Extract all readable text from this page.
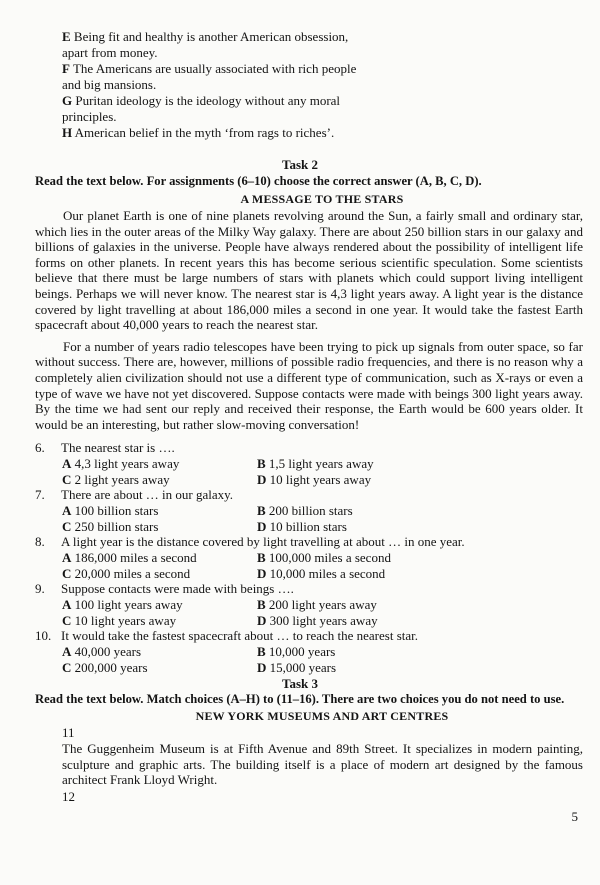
E Being fit and healthy is another American obsession, apart from money.
F The Americans are usually associated with rich people and big mansions.
G Puritan ideology is the ideology without any moral principles.
H American belief in the myth ‘from rags to riches’.
Task 2
Read the text below. For assignments (6–10) choose the correct answer (A, B, C, D).
A MESSAGE TO THE STARS

Our planet Earth is one of nine planets revolving around the Sun, a fairly small and ordinary star, which lies in the outer areas of the Milky Way galaxy. There are about 250 billion stars in our galaxy and billions of galaxies in the universe. People have always rendered about the possibility of intelligent life forms on other planets. In recent years this has become serious scientific speculation. Some scientists believe that there must be large numbers of stars with planets which could support living intelligent beings. Perhaps we will never know. The nearest star is 4,3 light years away. A light year is the distance covered by light travelling at about 186,000 miles a second in one year. It would take the fastest Earth spacecraft about 40,000 years to reach the nearest star.

For a number of years radio telescopes have been trying to pick up signals from outer space, so far without success. There are, however, millions of possible radio frequencies, and there is no reason why a completely alien civilization should not use a different type of communication, such as X-rays or even a type of wave we have not yet discovered. Suppose contacts were made with beings 300 light years away. By the time we had sent our reply and received their response, the Earth would be 600 years older. It would be an interesting, but rather slow-moving conversation!

6. The nearest star is ….
A 4,3 light years away	B 1,5 light years away
C 2 light years away	D 10 light years away
7. There are about … in our galaxy.
A 100 billion stars	B 200 billion stars
C 250 billion stars	D 10 billion stars
8. A light year is the distance covered by light travelling at about … in one year.
A 186,000 miles a second	B 100,000 miles a second
C 20,000 miles a second	D 10,000 miles a second
9. Suppose contacts were made with beings ….
A 100 light years away	B 200 light years away
C 10 light years away	D 300 light years away
10. It would take the fastest spacecraft about … to reach the nearest star.
A 40,000 years	B 10,000 years
C 200,000 years	D 15,000 years
Task 3
Read the text below. Match choices (A–H) to (11–16). There are two choices you do not need to use.
NEW YORK MUSEUMS AND ART CENTRES
11

The Guggenheim Museum is at Fifth Avenue and 89th Street. It specializes in modern painting, sculpture and graphic arts. The building itself is a place of modern art designed by the famous architect Frank Lloyd Wright.

12
5
